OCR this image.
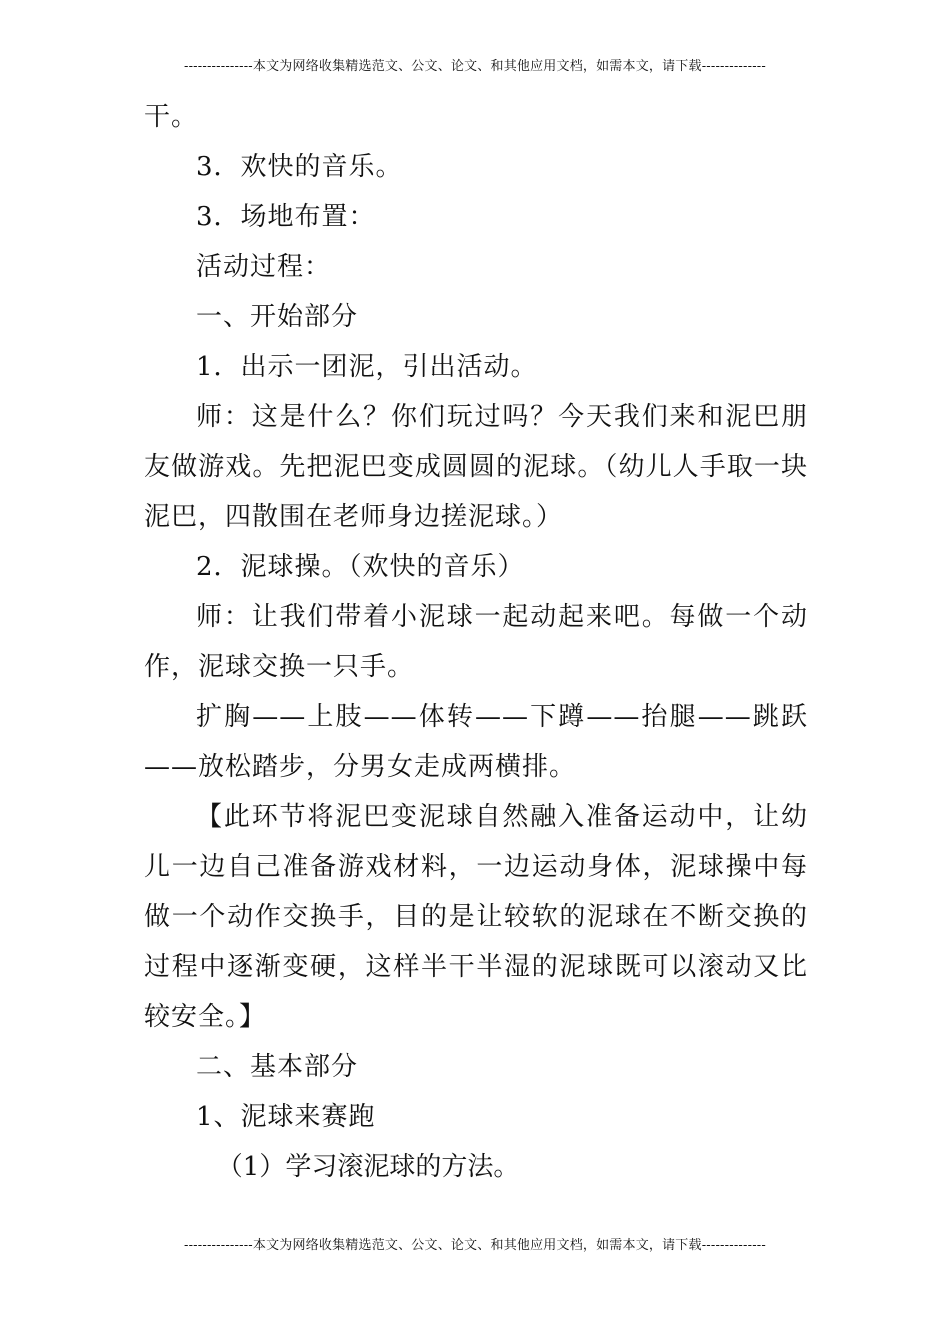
---------------本文为网络收集精选范文、公文、论文、和其他应用文档，如需本文，请下载--------------

干。

3．欢快的音乐。

3．场地布置：

活动过程：

一、开始部分

1．出示一团泥，引出活动。

师：这是什么？你们玩过吗？今天我们来和泥巴朋友做游戏。先把泥巴变成圆圆的泥球。（幼儿人手取一块泥巴，四散围在老师身边搓泥球。）

2．泥球操。（欢快的音乐）

师：让我们带着小泥球一起动起来吧。每做一个动作，泥球交换一只手。

扩胸——上肢——体转——下蹲——抬腿——跳跃——放松踏步，分男女走成两横排。

【此环节将泥巴变泥球自然融入准备运动中，让幼儿一边自己准备游戏材料，一边运动身体，泥球操中每做一个动作交换手，目的是让较软的泥球在不断交换的过程中逐渐变硬，这样半干半湿的泥球既可以滚动又比较安全。】

二、基本部分

1、泥球来赛跑

（1）学习滚泥球的方法。

---------------本文为网络收集精选范文、公文、论文、和其他应用文档，如需本文，请下载--------------
